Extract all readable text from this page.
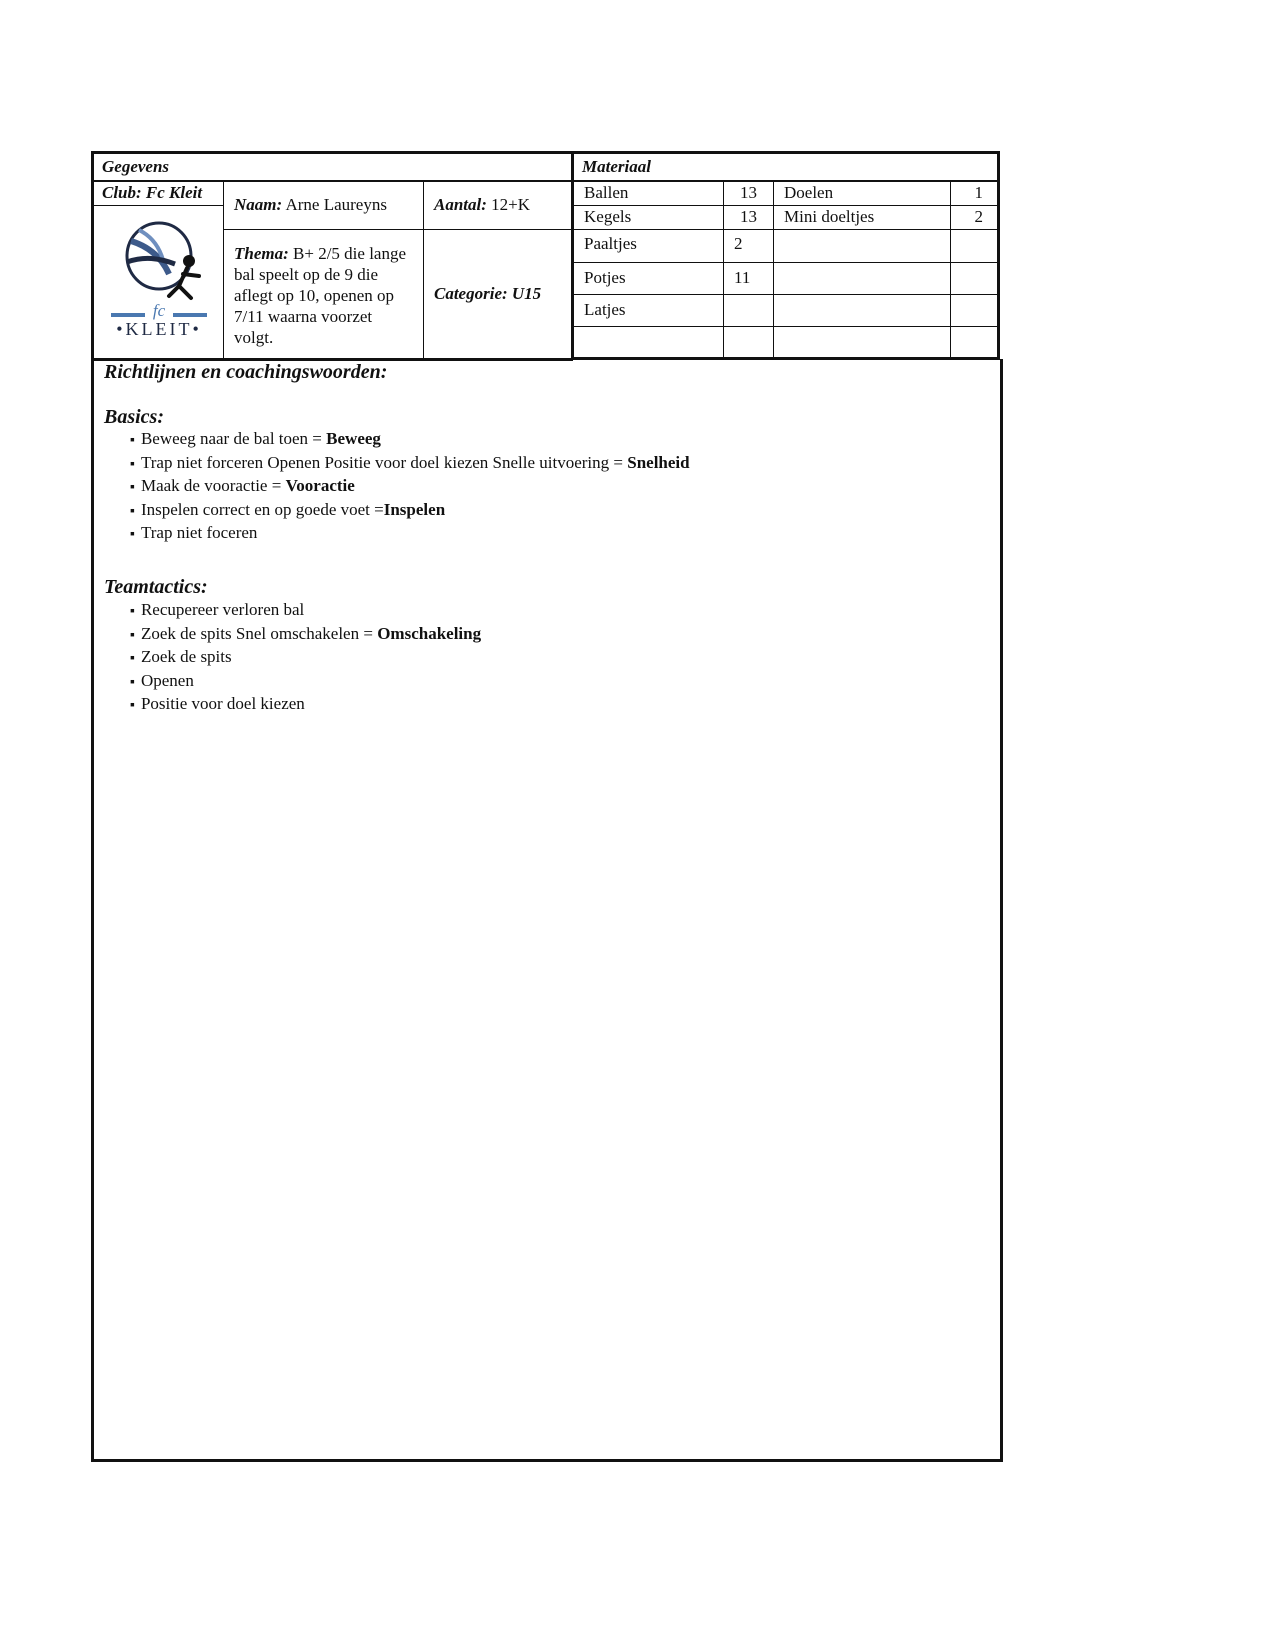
Gegevens			Materiaal			
Club: Fc Kleit	Naam: Arne Laureyns	Aantal: 12+K	Ballen	13	Doelen	1

fc
•KLEIT•			Kegels	13	Mini doeltjes	2
	Thema: B+ 2/5 die lange bal speelt op de 9 die aflegt op 10, openen op 7/11 waarna voorzet volgt.	Categorie: U15	Paaltjes	2		
			Potjes	11		
			Latjes			

Richtlijnen en coachingswoorden:
Basics:
▪ Beweeg naar de bal toen = Beweeg
▪ Trap niet forceren Openen Positie voor doel kiezen Snelle uitvoering = Snelheid
▪ Maak de vooractie = Vooractie
▪ Inspelen correct en op goede voet =Inspelen
▪ Trap niet foceren
Teamtactics:
▪ Recupereer verloren bal
▪ Zoek de spits Snel omschakelen = Omschakeling
▪ Zoek de spits
▪ Openen
▪ Positie voor doel kiezen
